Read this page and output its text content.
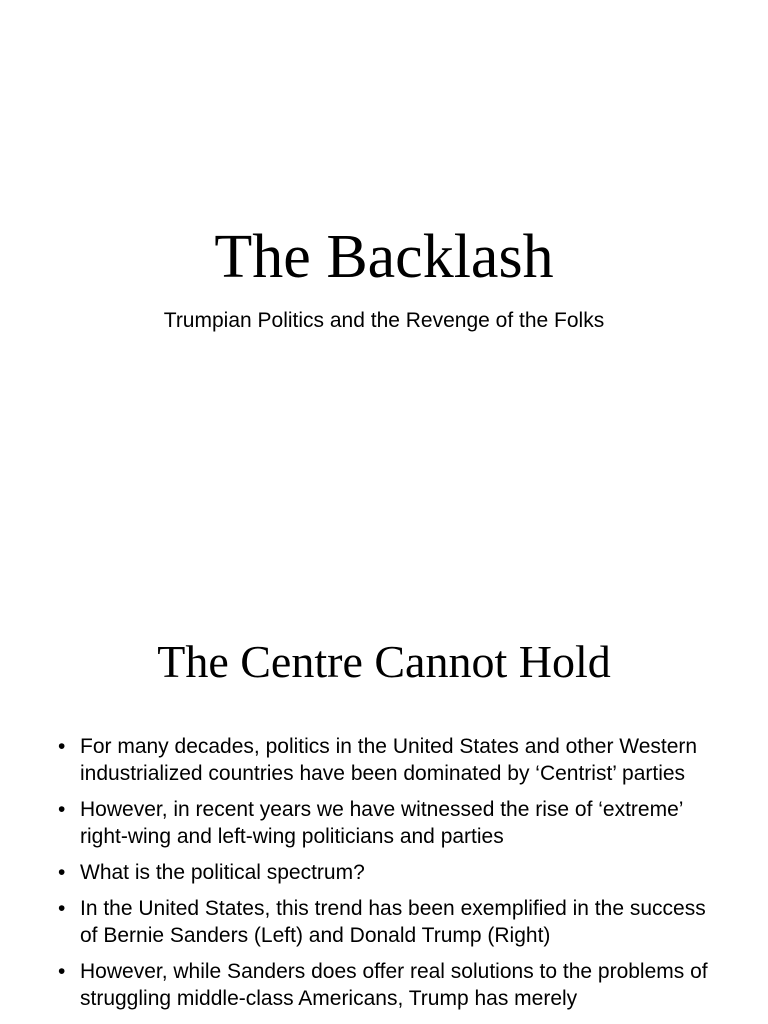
The Backlash

Trumpian Politics and the Revenge of the Folks

The Centre Cannot Hold
• For many decades, politics in the United States and other Western industrialized countries have been dominated by ‘Centrist’ parties
• However, in recent years we have witnessed the rise of ‘extreme’ right-wing and left-wing politicians and parties
• What is the political spectrum?
• In the United States, this trend has been exemplified in the success of Bernie Sanders (Left) and Donald Trump (Right)
• However, while Sanders does offer real solutions to the problems of struggling middle-class Americans, Trump has merely
